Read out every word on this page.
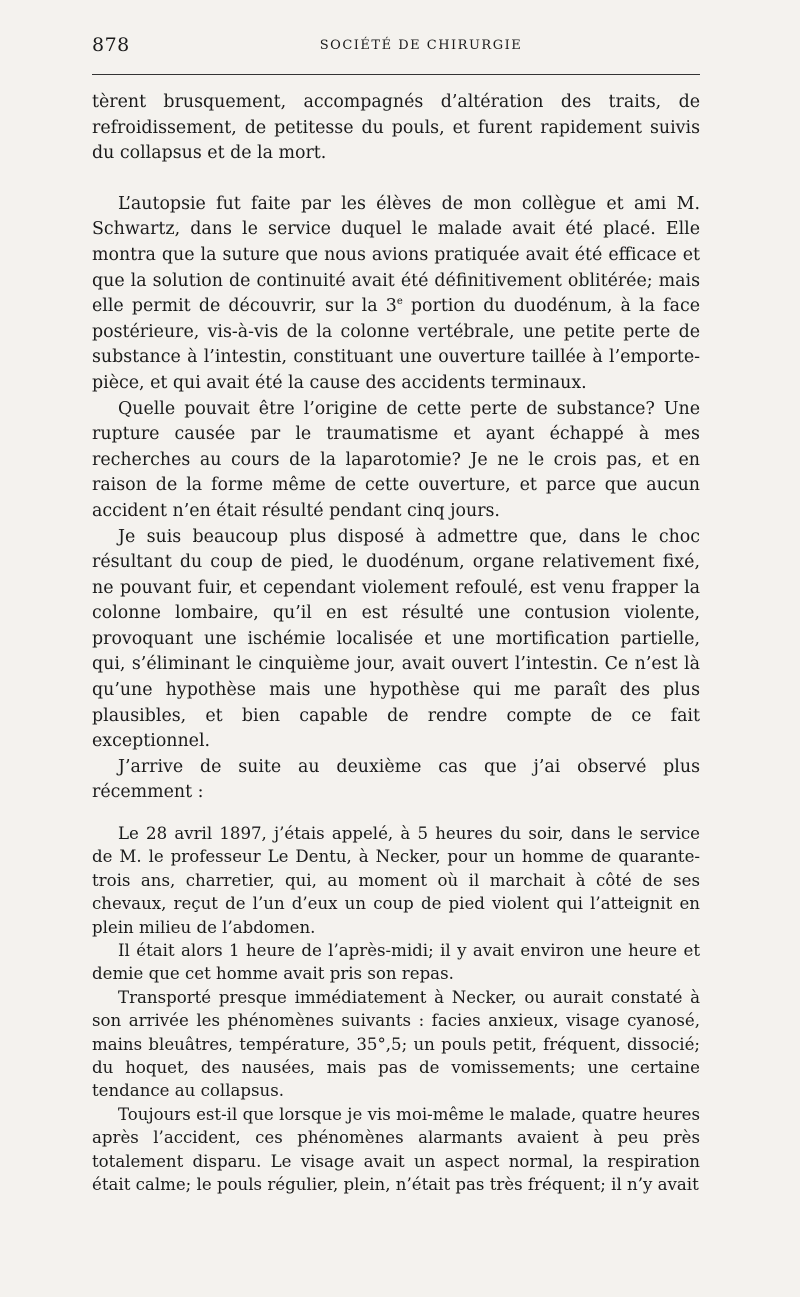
878	SOCIÉTÉ DE CHIRURGIE

tèrent brusquement, accompagnés d’altération des traits, de refroidissement, de petitesse du pouls, et furent rapidement suivis du collapsus et de la mort.

L’autopsie fut faite par les élèves de mon collègue et ami M. Schwartz, dans le service duquel le malade avait été placé. Elle montra que la suture que nous avions pratiquée avait été efficace et que la solution de continuité avait été définitivement oblitérée; mais elle permit de découvrir, sur la 3e portion du duodénum, à la face postérieure, vis-à-vis de la colonne vertébrale, une petite perte de substance à l’intestin, constituant une ouverture taillée à l’emporte-pièce, et qui avait été la cause des accidents terminaux.

Quelle pouvait être l’origine de cette perte de substance? Une rupture causée par le traumatisme et ayant échappé à mes recherches au cours de la laparotomie? Je ne le crois pas, et en raison de la forme même de cette ouverture, et parce que aucun accident n’en était résulté pendant cinq jours.

Je suis beaucoup plus disposé à admettre que, dans le choc résultant du coup de pied, le duodénum, organe relativement fixé, ne pouvant fuir, et cependant violement refoulé, est venu frapper la colonne lombaire, qu’il en est résulté une contusion violente, provoquant une ischémie localisée et une mortification partielle, qui, s’éliminant le cinquième jour, avait ouvert l’intestin. Ce n’est là qu’une hypothèse mais une hypothèse qui me paraît des plus plausibles, et bien capable de rendre compte de ce fait exceptionnel.

J’arrive de suite au deuxième cas que j’ai observé plus récemment :

Le 28 avril 1897, j’étais appelé, à 5 heures du soir, dans le service de M. le professeur Le Dentu, à Necker, pour un homme de quarante-trois ans, charretier, qui, au moment où il marchait à côté de ses chevaux, reçut de l’un d’eux un coup de pied violent qui l’atteignit en plein milieu de l’abdomen.

Il était alors 1 heure de l’après-midi; il y avait environ une heure et demie que cet homme avait pris son repas.

Transporté presque immédiatement à Necker, ou aurait constaté à son arrivée les phénomènes suivants : facies anxieux, visage cyanosé, mains bleuâtres, température, 35°,5; un pouls petit, fréquent, dissocié; du hoquet, des nausées, mais pas de vomissements; une certaine tendance au collapsus.

Toujours est-il que lorsque je vis moi-même le malade, quatre heures après l’accident, ces phénomènes alarmants avaient à peu près totalement disparu. Le visage avait un aspect normal, la respiration était calme; le pouls régulier, plein, n’était pas très fréquent; il n’y avait
